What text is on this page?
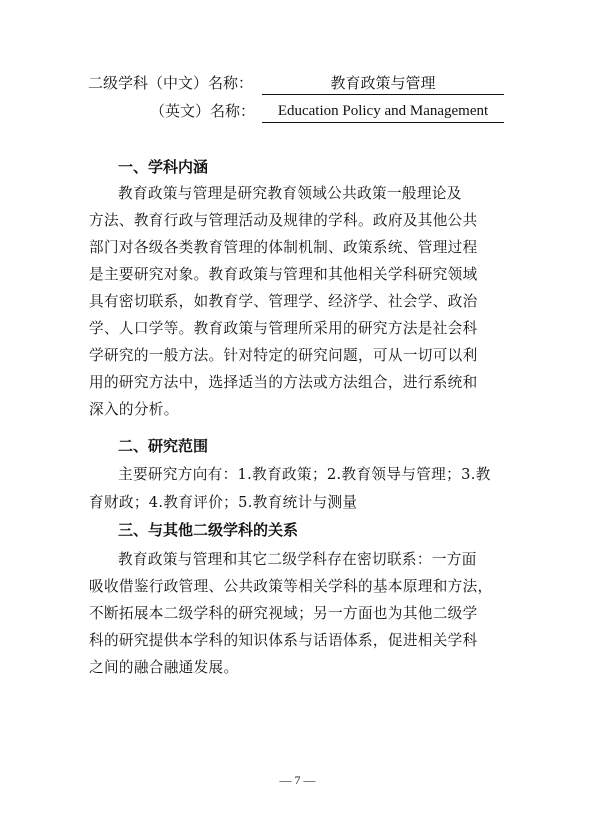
二级学科（中文）名称：	教育政策与管理
（英文）名称：	Education Policy and Management
一、学科内涵
教育政策与管理是研究教育领域公共政策一般理论及
方法、教育行政与管理活动及规律的学科。政府及其他公共
部门对各级各类教育管理的体制机制、政策系统、管理过程
是主要研究对象。教育政策与管理和其他相关学科研究领域
具有密切联系，如教育学、管理学、经济学、社会学、政治
学、人口学等。教育政策与管理所采用的研究方法是社会科
学研究的一般方法。针对特定的研究问题，可从一切可以利
用的研究方法中，选择适当的方法或方法组合，进行系统和
深入的分析。
二、研究范围
主要研究方向有：1.教育政策；2.教育领导与管理；3.教
育财政；4.教育评价；5.教育统计与测量
三、与其他二级学科的关系
教育政策与管理和其它二级学科存在密切联系：一方面
吸收借鉴行政管理、公共政策等相关学科的基本原理和方法，
不断拓展本二级学科的研究视域；另一方面也为其他二级学
科的研究提供本学科的知识体系与话语体系，促进相关学科
之间的融合融通发展。
— 7 —
